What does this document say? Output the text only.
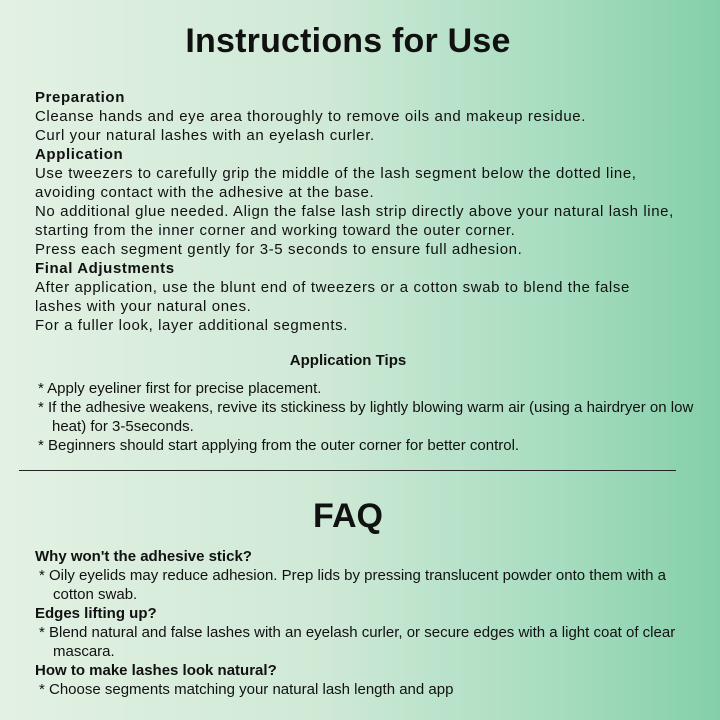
Instructions for Use
Preparation

Cleanse hands and eye area thoroughly to remove oils and makeup residue.

Curl your natural lashes with an eyelash curler.

Application

Use tweezers to carefully grip the middle of the lash segment below the dotted line, avoiding contact with the adhesive at the base.

No additional glue needed. Align the false lash strip directly above your natural lash line, starting from the inner corner and working toward the outer corner.

Press each segment gently for 3-5 seconds to ensure full adhesion.

Final Adjustments

After application, use the blunt end of tweezers or a cotton swab to blend the false lashes with your natural ones.

For a fuller look, layer additional segments.

Application Tips
* Apply eyeliner first for precise placement.
* If the adhesive weakens, revive its stickiness by lightly blowing warm air (using a hairdryer on low heat) for 3-5seconds.
* Beginners should start applying from the outer corner for better control.
FAQ
Why won't the adhesive stick?
* Oily eyelids may reduce adhesion. Prep lids by pressing translucent powder onto them with a cotton swab.
Edges lifting up?
* Blend natural and false lashes with an eyelash curler, or secure edges with a light coat of clear mascara.
How to make lashes look natural?
* Choose segments matching your natural lash length and app
